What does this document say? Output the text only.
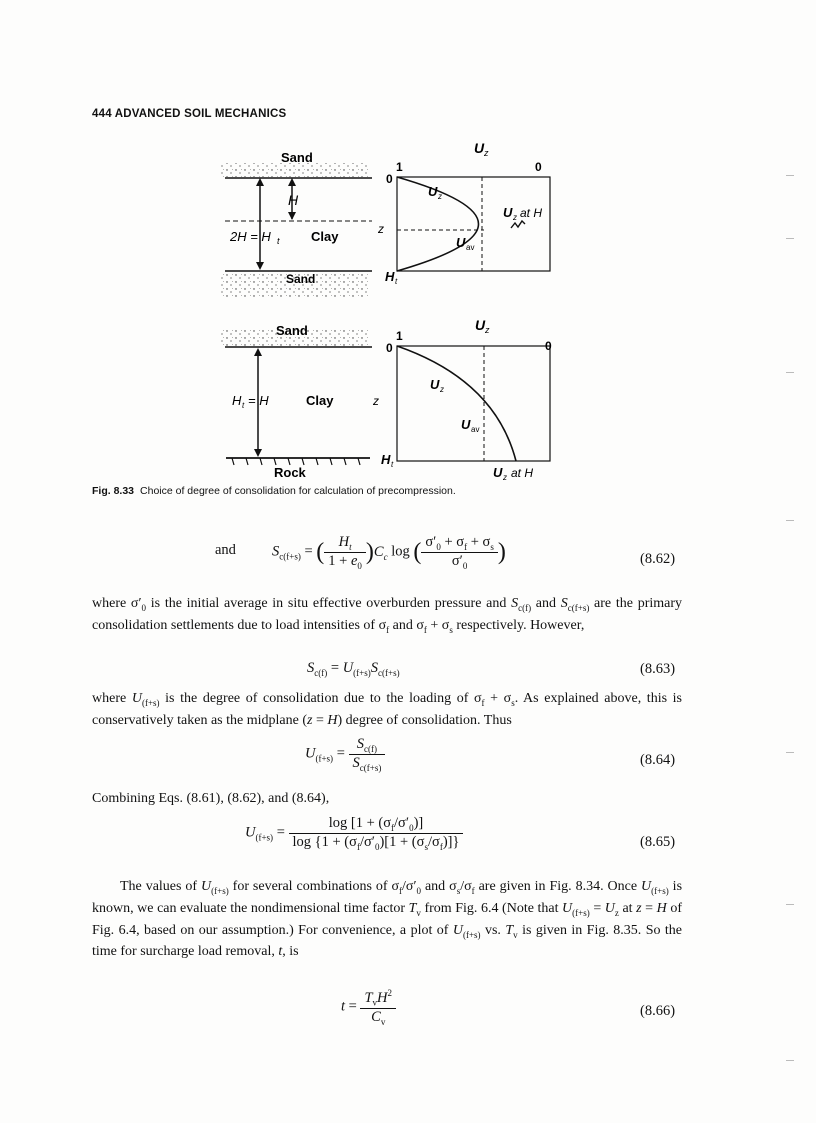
444 ADVANCED SOIL MECHANICS
Sand
H
2H = H t Clay
Sand
U z
1	0
0
z
H t
U z
U av
U z at H
Sand
H t = H	Clay
Rock
U z
1
0
0
z
H t
U z
U av
U z at H
Fig. 8.33 Choice of degree of consolidation for calculation of precompression.
and $S_{c(f+s)}$ = ( $\frac{H_t}{1 + e_0} )C_c$ log ( $\frac{\sigma'_0 + \sigma_f + \sigma_s}{\sigma'_0}$ )	(8.62)
where $\sigma'_0$ is the initial average in situ effective overburden pressure and $S_{c(f)}$ and $S_{c(f+s)}$ are the primary consolidation settlements due to load intensities of $\sigma_f$ and $\sigma_f + \sigma_s$ respectively. However,
$S_{c(f)} = U_{(f+s)}S_{c(f+s)}$	(8.63)
where $U_{(f+s)}$ is the degree of consolidation due to the loading of $\sigma_f + \sigma_s$. As explained above, this is conservatively taken as the midplane (z = H) degree of consolidation. Thus
$U_{(f+s)} = \frac{S_{c(f)}}{S_{c(f+s)}}$	(8.64)
Combining Eqs. (8.61), (8.62), and (8.64),
$U_{(f+s)} = \frac{\log [1 + (\sigma_f/\sigma'_0)]}{\log \{1 + (\sigma_f/\sigma'_0)[1 + (\sigma_s/\sigma_f)]\}}$	(8.65)
The values of $U_{(f+s)}$ for several combinations of $\sigma_f/\sigma'_0$ and $\sigma_s/\sigma_f$ are given in Fig. 8.34. Once $U_{(f+s)}$ is known, we can evaluate the nondimensional time factor $T_v$ from Fig. 6.4 (Note that $U_{(f+s)} = U_z$ at z = H of Fig. 6.4, based on our assumption.) For convenience, a plot of $U_{(f+s)}$ vs. $T_v$ is given in Fig. 8.35. So the time for surcharge load removal, t, is
$t = \frac{T_vH^2}{C_v}$	(8.66)
